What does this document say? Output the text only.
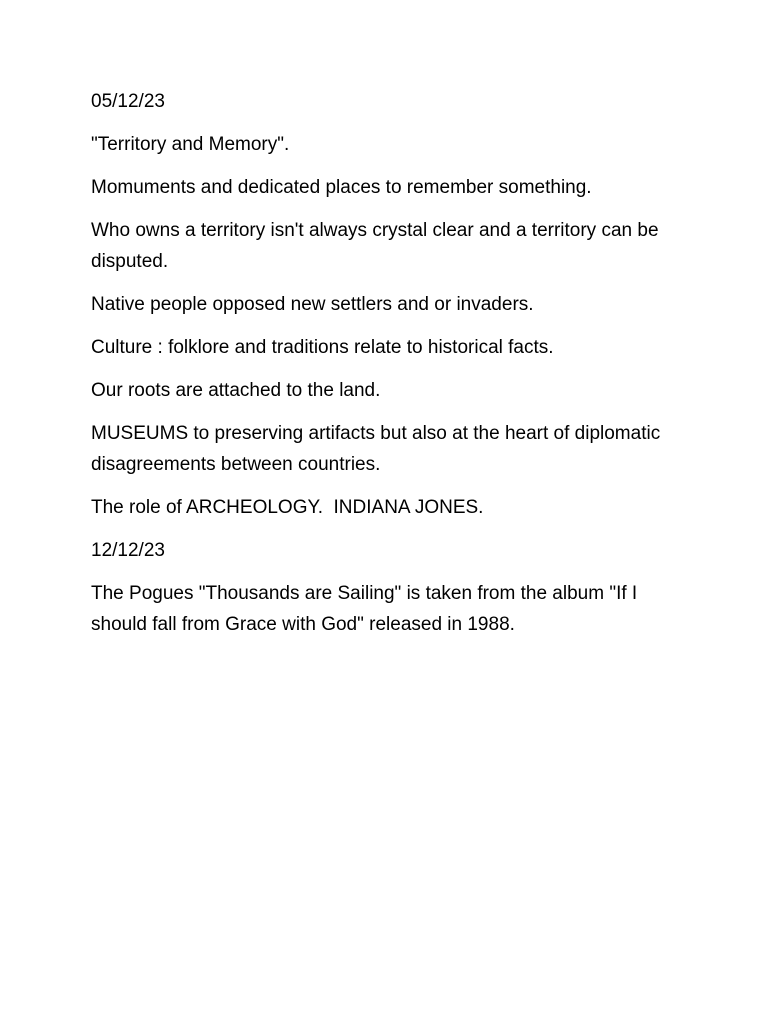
05/12/23

"Territory and Memory".

Momuments and dedicated places to remember something.

Who owns a territory isn't always crystal clear and a territory can be disputed.

Native people opposed new settlers and or invaders.

Culture : folklore and traditions relate to historical facts.

Our roots are attached to the land.

MUSEUMS to preserving artifacts but also at the heart of diplomatic disagreements between countries.

The role of ARCHEOLOGY.  INDIANA JONES.

12/12/23

The Pogues "Thousands are Sailing" is taken from the album "If I should fall from Grace with God" released in 1988.
